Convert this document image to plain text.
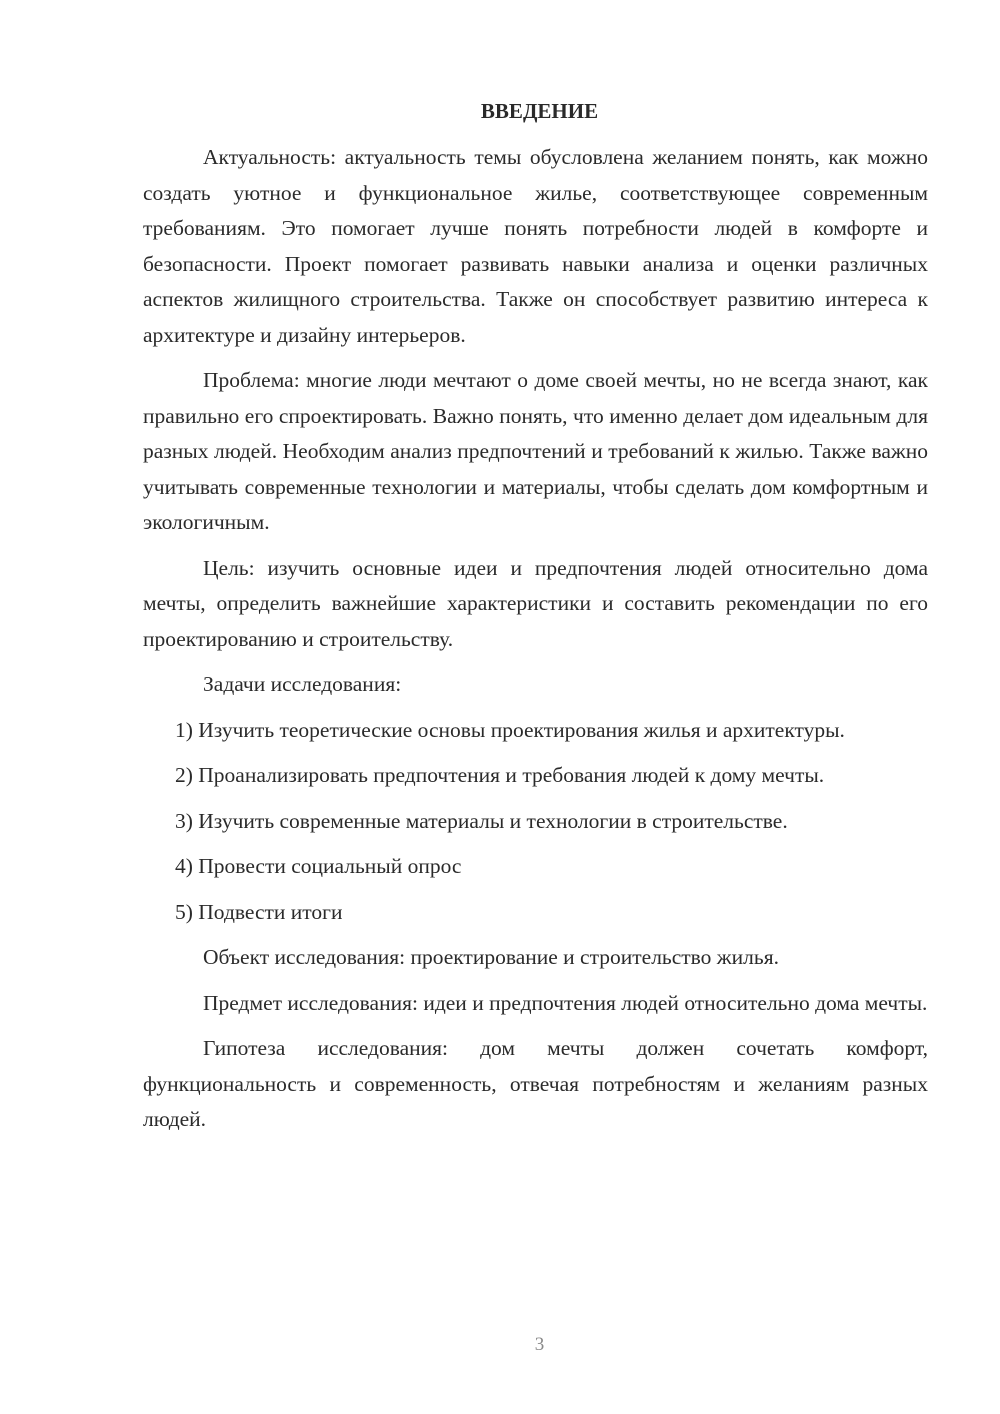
ВВЕДЕНИЕ

Актуальность: актуальность темы обусловлена желанием понять, как можно создать уютное и функциональное жилье, соответствующее современным требованиям. Это помогает лучше понять потребности людей в комфорте и безопасности. Проект помогает развивать навыки анализа и оценки различных аспектов жилищного строительства. Также он способствует развитию интереса к архитектуре и дизайну интерьеров.

Проблема: многие люди мечтают о доме своей мечты, но не всегда знают, как правильно его спроектировать. Важно понять, что именно делает дом идеальным для разных людей. Необходим анализ предпочтений и требований к жилью. Также важно учитывать современные технологии и материалы, чтобы сделать дом комфортным и экологичным.

Цель: изучить основные идеи и предпочтения людей относительно дома мечты, определить важнейшие характеристики и составить рекомендации по его проектированию и строительству.

Задачи исследования:

1) Изучить теоретические основы проектирования жилья и архитектуры.

2) Проанализировать предпочтения и требования людей к дому мечты.

3) Изучить современные материалы и технологии в строительстве.

4) Провести социальный опрос

5) Подвести итоги

Объект исследования: проектирование и строительство жилья.

Предмет исследования: идеи и предпочтения людей относительно дома мечты.

Гипотеза исследования: дом мечты должен сочетать комфорт, функциональность и современность, отвечая потребностям и желаниям разных людей.

3
